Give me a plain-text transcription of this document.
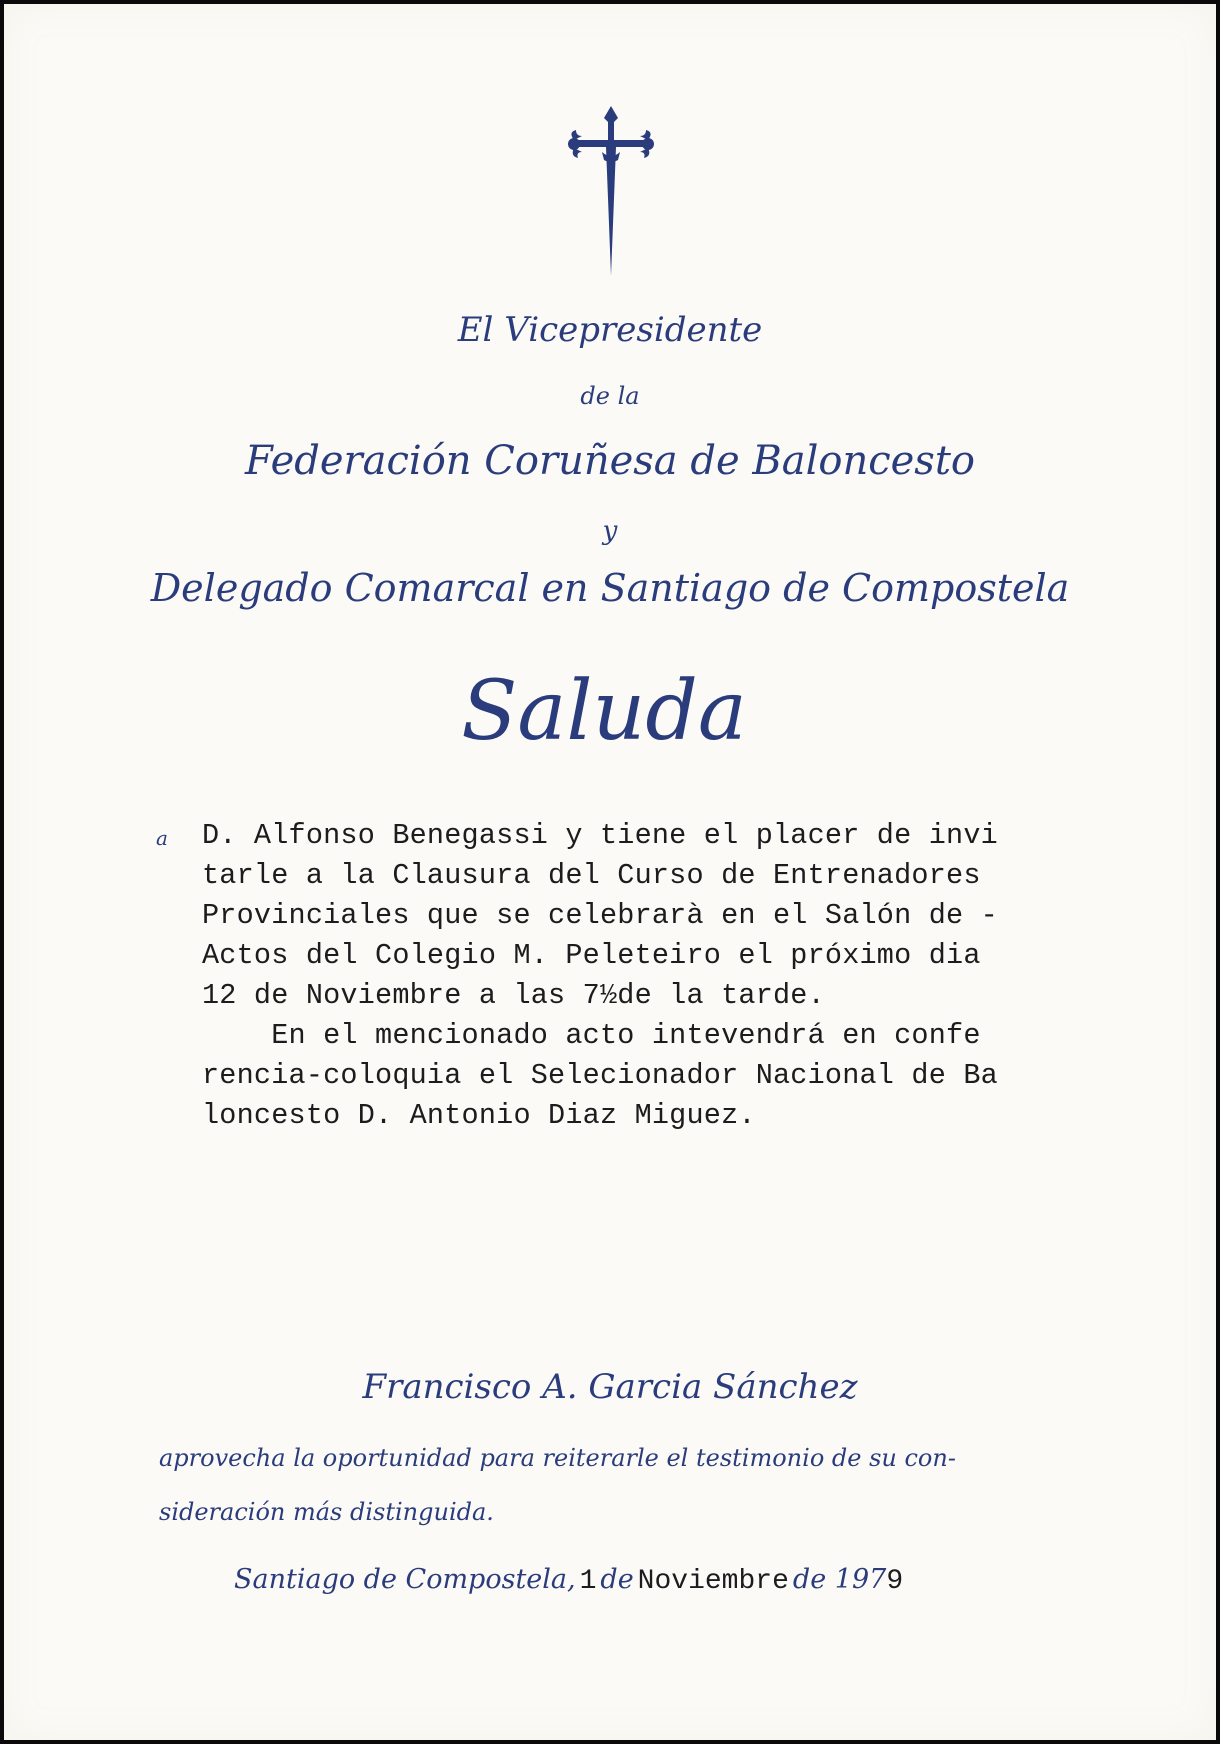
El Vicepresidente

de la

Federación Coruñesa de Baloncesto

y

Delegado Comarcal en Santiago de Compostela

Saluda

a D. Alfonso Benegassi y tiene el placer de invi

tarle a la Clausura del Curso de Entrenadores

Provinciales que se celebrarà en el Salón de -

Actos del Colegio M. Peleteiro el próximo dia

12 de Noviembre a las 7½de la tarde.

En el mencionado acto intevendrá en confe

rencia-coloquia el Selecionador Nacional de Ba

loncesto D. Antonio Diaz Miguez.

Francisco A. Garcia Sánchez

aprovecha la oportunidad para reiterarle el testimonio de su con-

sideración más distinguida.

Santiago de Compostela, 1 de Noviembre de 1979
